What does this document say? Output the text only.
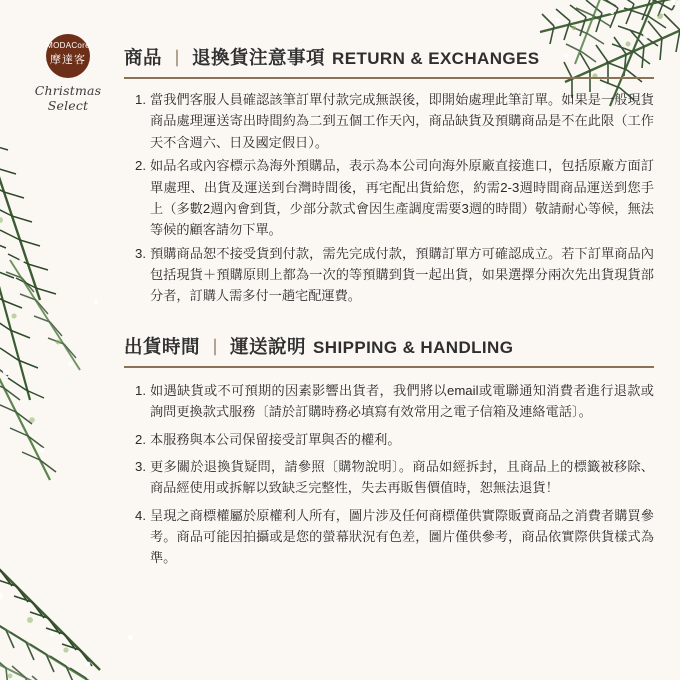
MODACore
摩達客
Christmas Select
商品 ｜ 退換貨注意事項 RETURN & EXCHANGES
當我們客服人員確認該筆訂單付款完成無誤後，即開始處理此筆訂單。如果是一般現貨商品處理運送寄出時間約為二到五個工作天內，商品缺貨及預購商品是不在此限（工作天不含週六、日及國定假日）。
如品名或內容標示為海外預購品，表示為本公司向海外原廠直接進口，包括原廠方面訂單處理、出貨及運送到台灣時間後，再宅配出貨給您，約需2-3週時間商品運送到您手上（多數2週內會到貨，少部分款式會因生產調度需要3週的時間）敬請耐心等候，無法等候的顧客請勿下單。
預購商品恕不接受貨到付款，需先完成付款，預購訂單方可確認成立。若下訂單商品內包括現貨＋預購原則上都為一次的等預購到貨一起出貨，如果選擇分兩次先出貨現貨部分者，訂購人需多付一趟宅配運費。
出貨時間 ｜ 運送說明 SHIPPING & HANDLING
如遇缺貨或不可預期的因素影響出貨者，我們將以email或電聯通知消費者進行退款或詢問更換款式服務〔請於訂購時務必填寫有效常用之電子信箱及連絡電話〕。
本服務與本公司保留接受訂單與否的權利。
更多關於退換貨疑問，請參照〔購物說明〕。商品如經拆封，且商品上的標籤被移除、商品經使用或拆解以致缺乏完整性，失去再販售價值時，恕無法退貨！
呈現之商標權屬於原權利人所有，圖片涉及任何商標僅供實際販賣商品之消費者購買參考。商品可能因拍攝或是您的螢幕狀況有色差，圖片僅供參考，商品依實際供貨樣式為準。
